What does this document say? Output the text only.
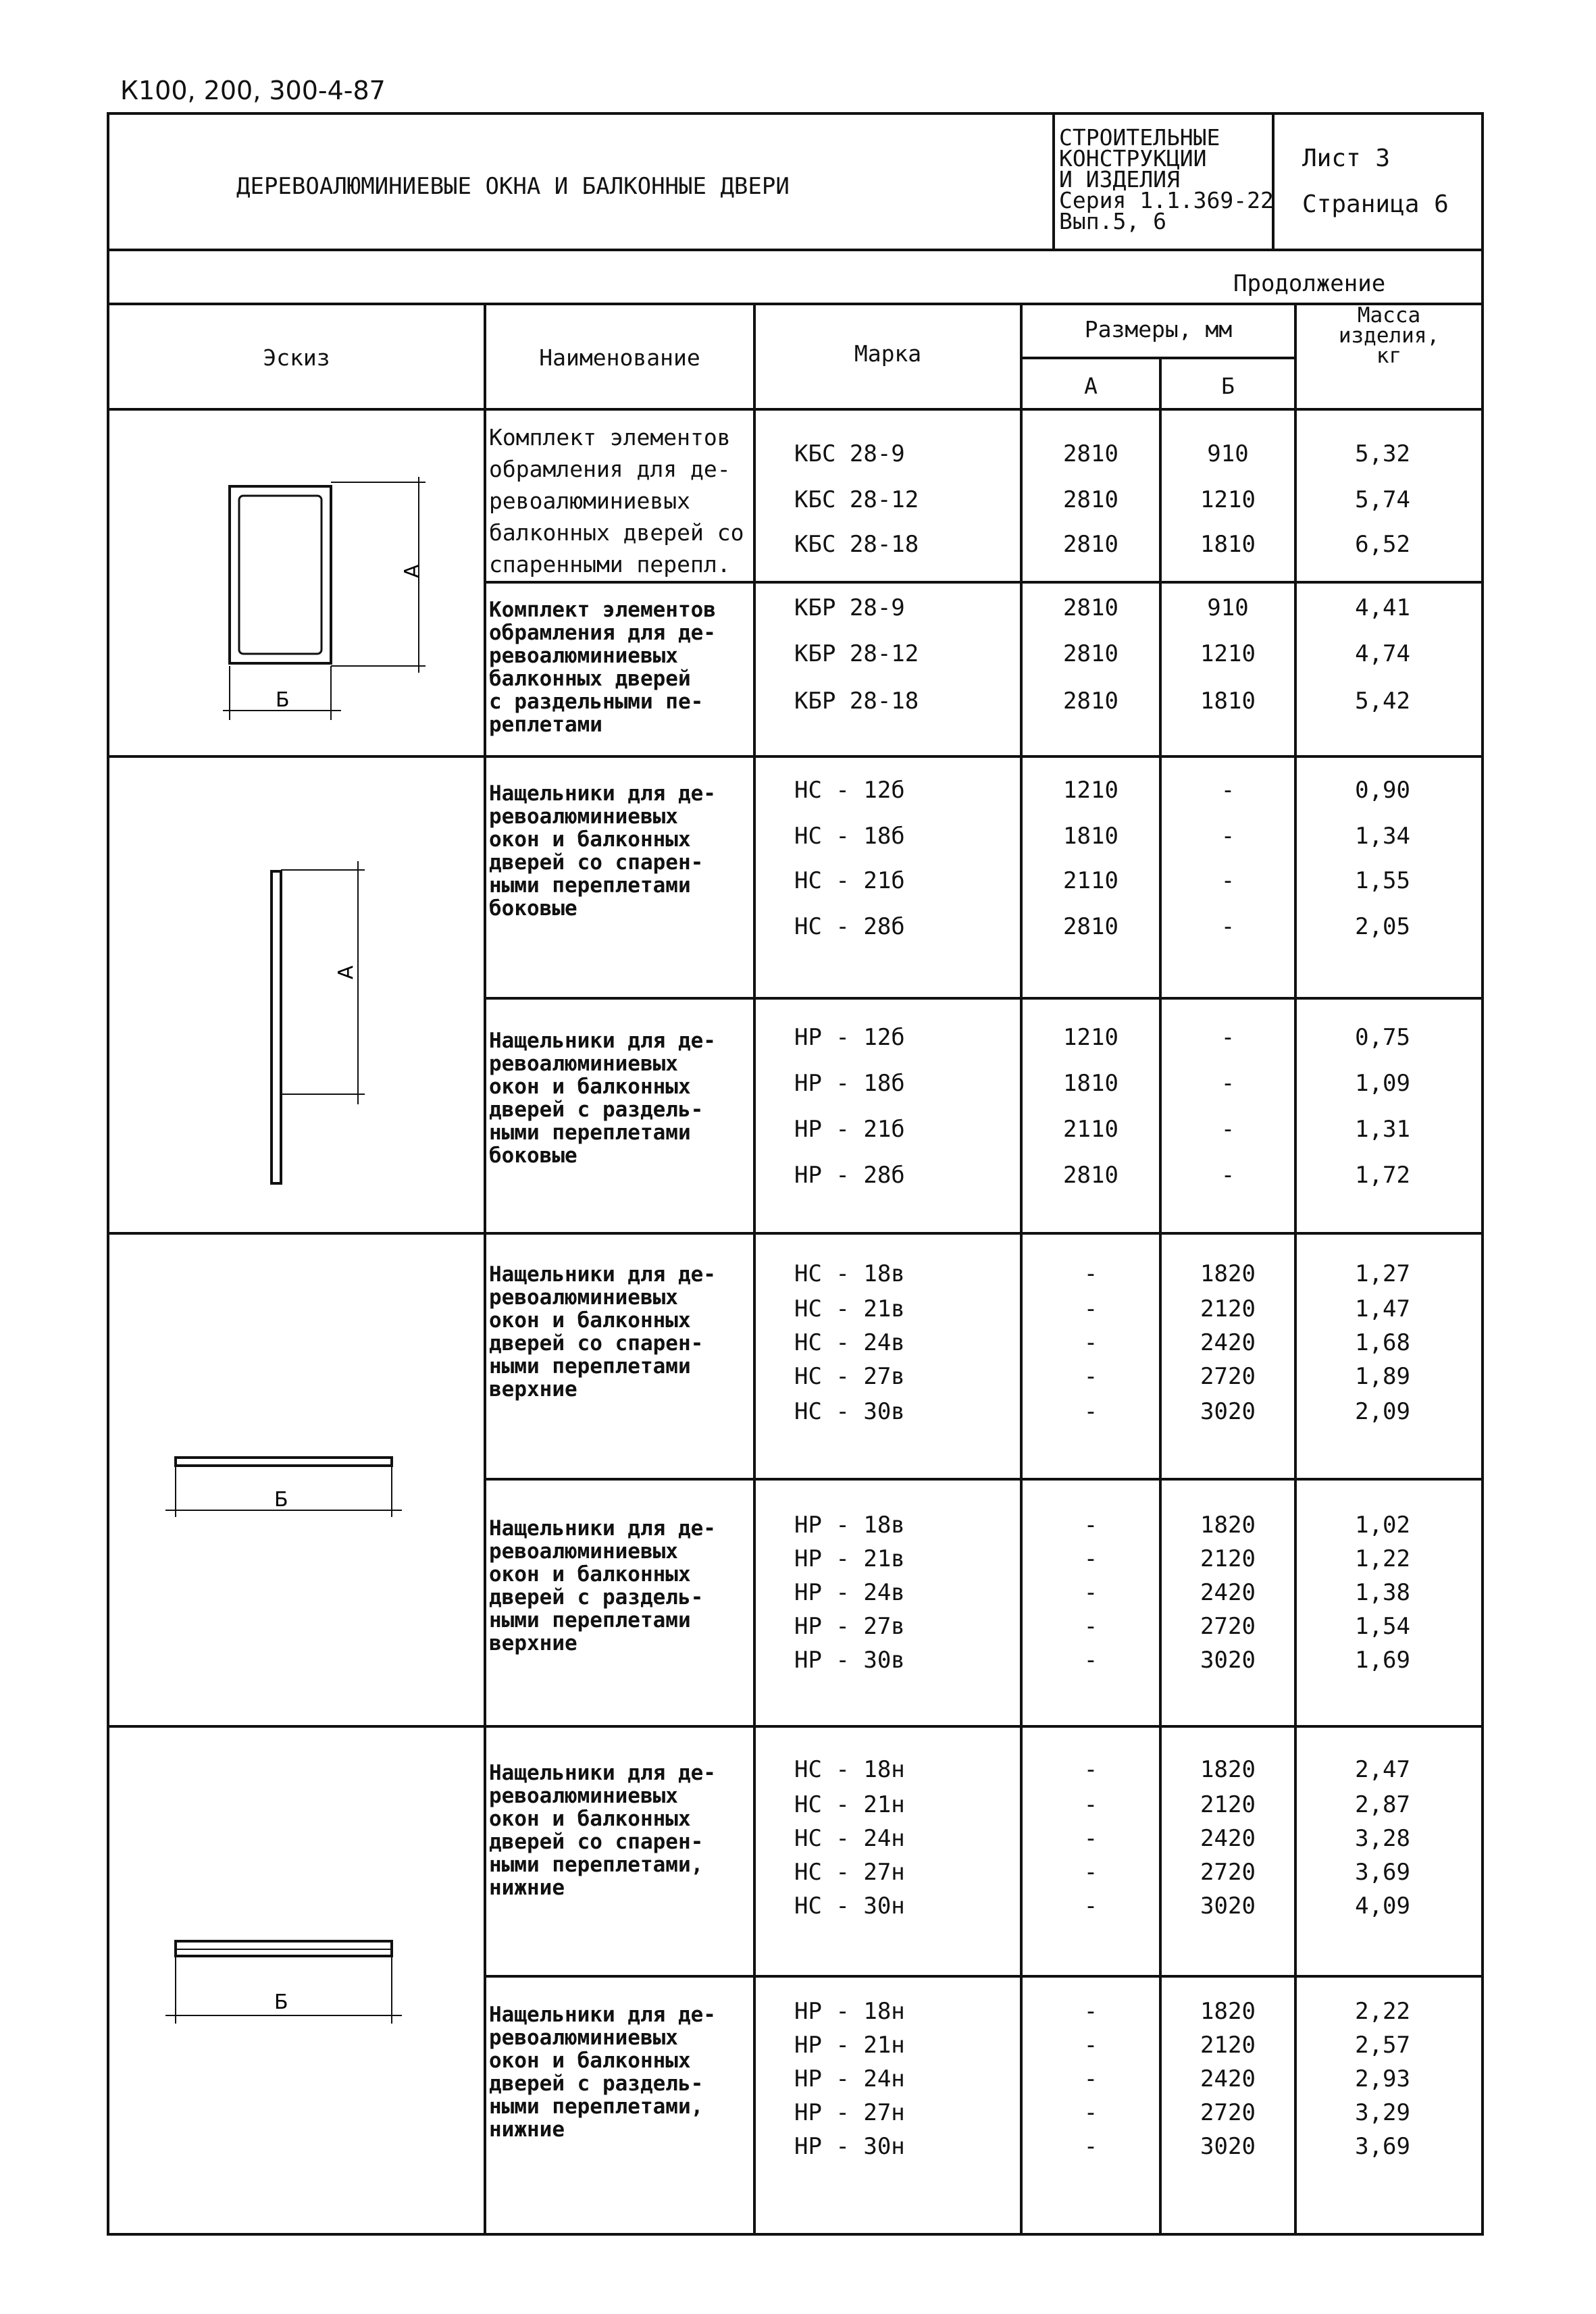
А
Б
А
Б
Б
К100, 200, 300-4-87
ДЕРЕВОАЛЮМИНИЕВЫЕ ОКНА И БАЛКОННЫЕ ДВЕРИ
СТРОИТЕЛЬНЫЕ
КОНСТРУКЦИИ
И ИЗДЕЛИЯ
Серия 1.1.369-22
Вып.5, 6
Лист 3
Страница 6
Продолжение
Эскиз	Наименование	Марка
Размеры, мм
А	Б
Масса
изделия,
кг
Комплект элементов
обрамления для де-
ревоалюминиевых
балконных дверей со
спаренными перепл.
КБС 28-9	2810	910	5,32
КБС 28-12	2810	1210	5,74
КБС 28-18	2810	1810	6,52
Комплект элементов
обрамления для де-
ревоалюминиевых
балконных дверей
с раздельными пе-
реплетами
КБР 28-9	2810	910	4,41
КБР 28-12	2810	1210	4,74
КБР 28-18	2810	1810	5,42
Нащельники для де-
ревоалюминиевых
окон и балконных
дверей со спарен-
ными переплетами
боковые
НС - 12б	1210	-	0,90
НС - 18б	1810	-	1,34
НС - 21б	2110	-	1,55
НС - 28б	2810	-	2,05
Нащельники для де-
ревоалюминиевых
окон и балконных
дверей с раздель-
ными переплетами
боковые
НР - 12б	1210	-	0,75
НР - 18б	1810	-	1,09
НР - 21б	2110	-	1,31
НР - 28б	2810	-	1,72
Нащельники для де-
ревоалюминиевых
окон и балконных
дверей со спарен-
ными переплетами
верхние
НС - 18в	-	1820	1,27
НС - 21в	-	2120	1,47
НС - 24в	-	2420	1,68
НС - 27в	-	2720	1,89
НС - 30в	-	3020	2,09
Нащельники для де-
ревоалюминиевых
окон и балконных
дверей с раздель-
ными переплетами
верхние
НР - 18в	-	1820	1,02
НР - 21в	-	2120	1,22
НР - 24в	-	2420	1,38
НР - 27в	-	2720	1,54
НР - 30в	-	3020	1,69
Нащельники для де-
ревоалюминиевых
окон и балконных
дверей со спарен-
ными переплетами,
нижние
НС - 18н	-	1820	2,47
НС - 21н	-	2120	2,87
НС - 24н	-	2420	3,28
НС - 27н	-	2720	3,69
НС - 30н	-	3020	4,09
Нащельники для де-
ревоалюминиевых
окон и балконных
дверей с раздель-
ными переплетами,
нижние
НР - 18н	-	1820	2,22
НР - 21н	-	2120	2,57
НР - 24н	-	2420	2,93
НР - 27н	-	2720	3,29
НР - 30н	-	3020	3,69
